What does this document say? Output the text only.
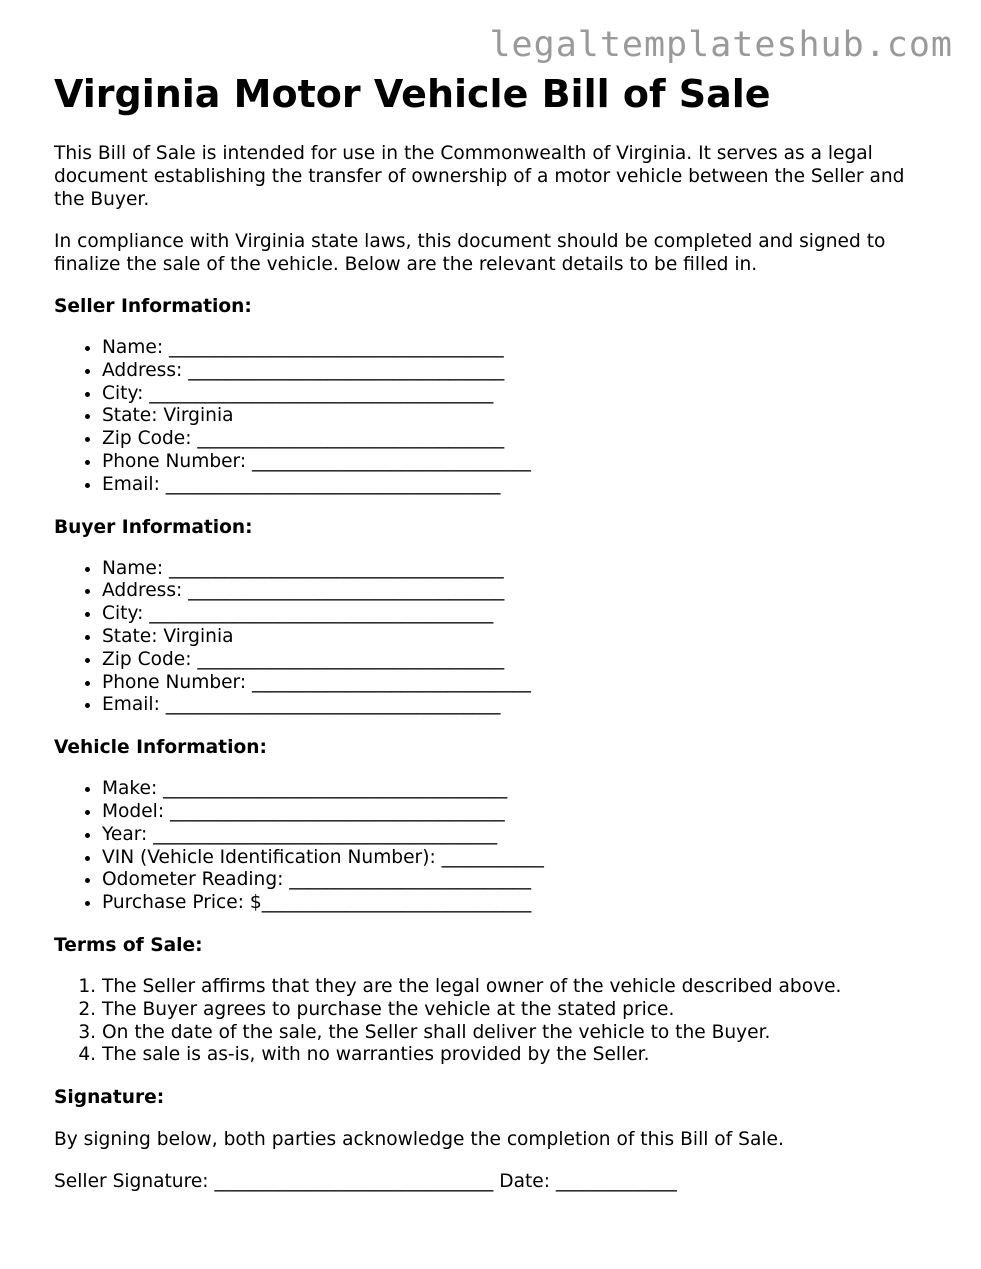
legaltemplateshub.com
Virginia Motor Vehicle Bill of Sale

This Bill of Sale is intended for use in the Commonwealth of Virginia. It serves as a legal document establishing the transfer of ownership of a motor vehicle between the Seller and the Buyer.

In compliance with Virginia state laws, this document should be completed and signed to finalize the sale of the vehicle. Below are the relevant details to be filled in.

Seller Information:
• Name: ____________________________________
• Address: __________________________________
• City: _____________________________________
• State: Virginia
• Zip Code: _________________________________
• Phone Number: ______________________________
• Email: ____________________________________
Buyer Information:
• Name: ____________________________________
• Address: __________________________________
• City: _____________________________________
• State: Virginia
• Zip Code: _________________________________
• Phone Number: ______________________________
• Email: ____________________________________
Vehicle Information:
• Make: _____________________________________
• Model: ____________________________________
• Year: _____________________________________
• VIN (Vehicle Identification Number): ___________
• Odometer Reading: __________________________
• Purchase Price: $_____________________________
Terms of Sale:
1. The Seller affirms that they are the legal owner of the vehicle described above.
2. The Buyer agrees to purchase the vehicle at the stated price.
3. On the date of the sale, the Seller shall deliver the vehicle to the Buyer.
4. The sale is as-is, with no warranties provided by the Seller.
Signature:

By signing below, both parties acknowledge the completion of this Bill of Sale.

Seller Signature: ______________________________ Date: _____________
